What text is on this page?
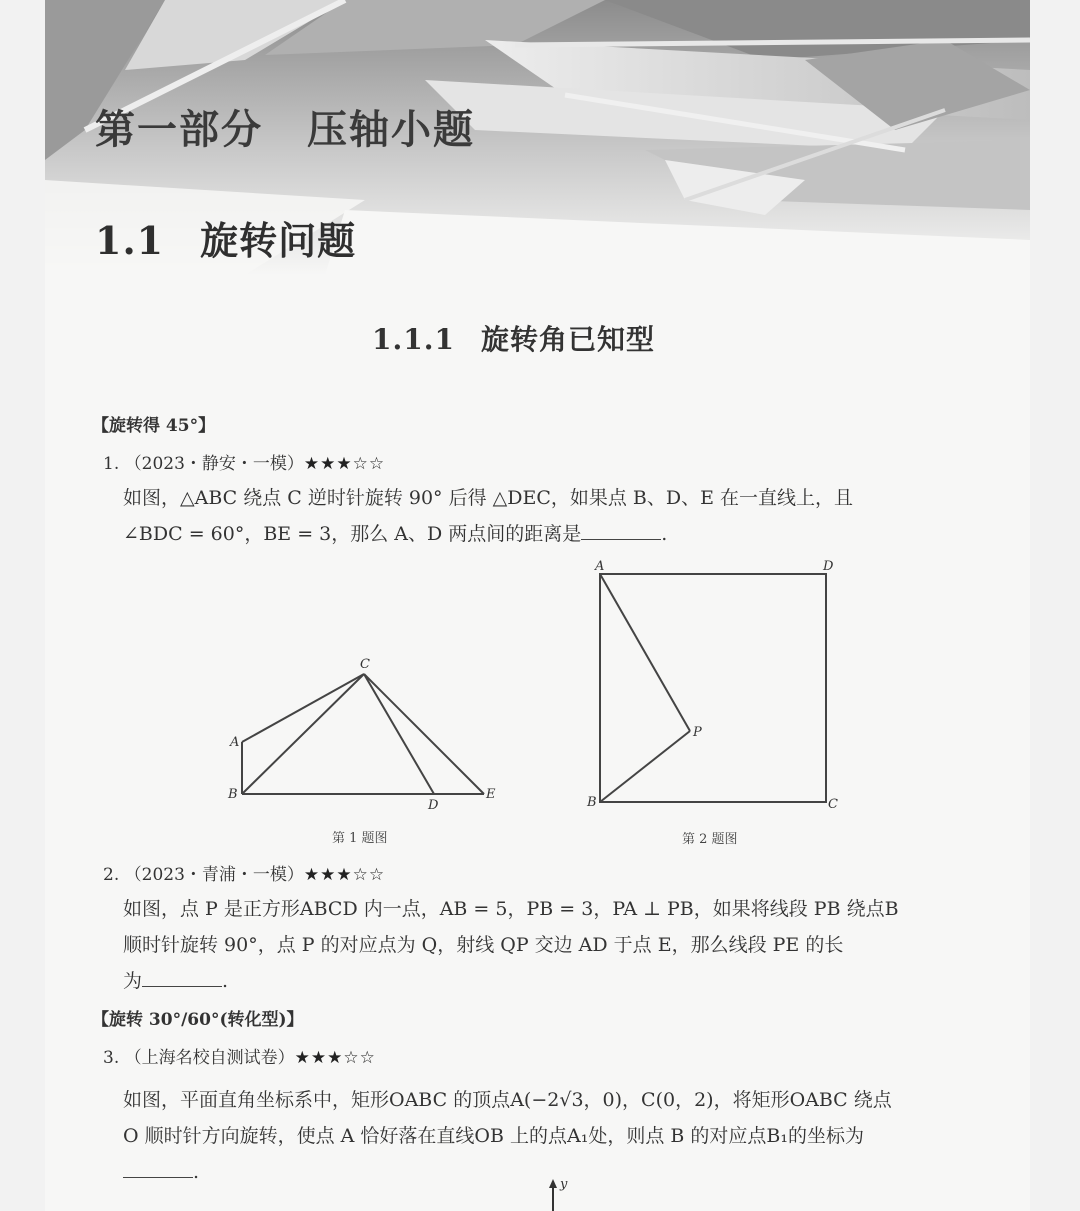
第一部分 压轴小题
1.1 旋转问题
1.1.1 旋转角已知型
【旋转得 45°】
1. （2023・静安・一模）★★★☆☆

如图，△ABC 绕点 C 逆时针旋转 90° 后得 △DEC，如果点 B、D、E 在一直线上，且

∠BDC = 60°，BE = 3，那么 A、D 两点间的距离是	.

C
A
B
D
E
第 1 题图
A	D
P
B	C
第 2 题图
2. （2023・青浦・一模）★★★☆☆

如图，点 P 是正方形ABCD 内一点，AB = 5，PB = 3，PA ⊥ PB，如果将线段 PB 绕点B

顺时针旋转 90°，点 P 的对应点为 Q，射线 QP 交边 AD 于点 E，那么线段 PE 的长

为	.

【旋转 30°/60°(转化型)】
3. （上海名校自测试卷）★★★☆☆

如图，平面直角坐标系中，矩形OABC 的顶点A(−2√3，0)，C(0，2)，将矩形OABC 绕点

O 顺时针方向旋转，使点 A 恰好落在直线OB 上的点A₁处，则点 B 的对应点B₁的坐标为

.

y
